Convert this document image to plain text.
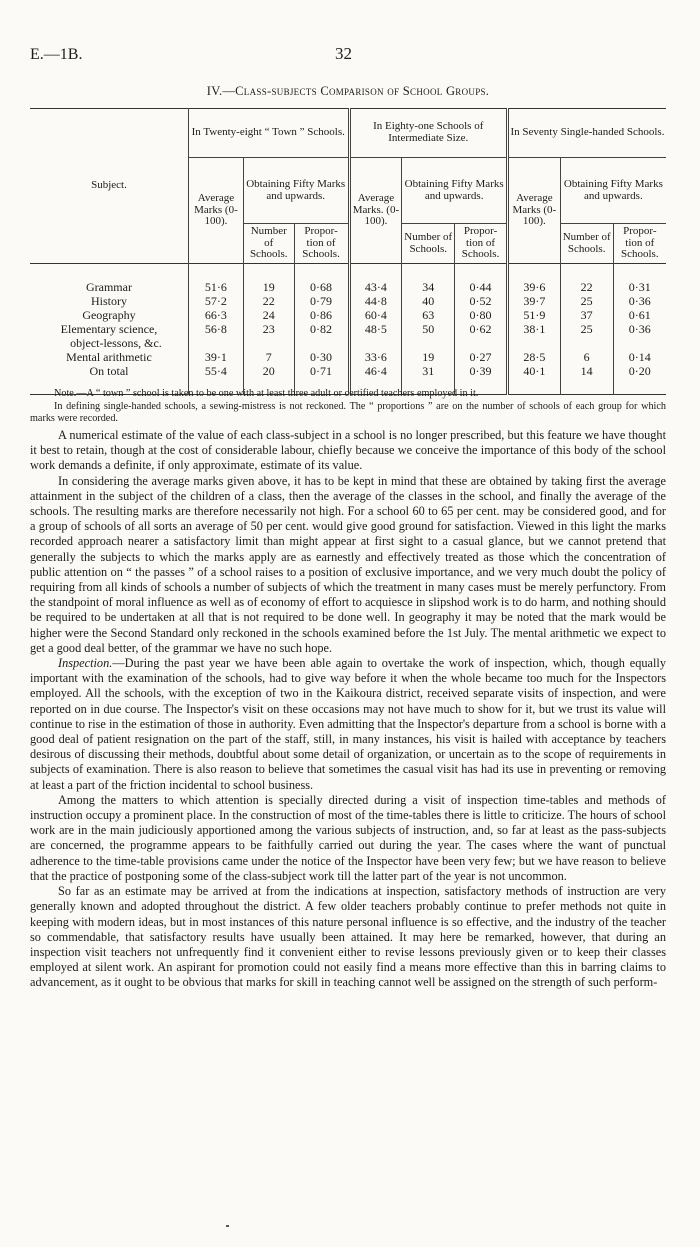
E.—1B.	32
IV.—Class-subjects Comparison of School Groups.
Subject.	In Twenty-eight “ Town ” Schools.			In Eighty-one Schools of Intermediate Size.			In Seventy Single-handed Schools.		
	Average Marks (0-100).	Obtaining Fifty Marks and upwards.		Average Marks. (0-100).	Obtaining Fifty Marks and upwards.		Average Marks (0-100).	Obtaining Fifty Marks and upwards.	
		Number of Schools.	Propor- tion of Schools.		Number of Schools.	Propor- tion of Schools.		Number of Schools.	Propor- tion of Schools.

Grammar	51·6	19	0·68	43·4	34	0·44	39·6	22	0·31
History	57·2	22	0·79	44·8	40	0·52	39·7	25	0·36
Geography	66·3	24	0·86	60·4	63	0·80	51·9	37	0·61

Elementary science,
object-lessons, &c.	56·8	23	0·82	48·5	50	0·62	38·1	25	0·36
Mental arithmetic	39·1	7	0·30	33·6	19	0·27	28·5	6	0·14
On total	55·4	20	0·71	46·4	31	0·39	40·1	14	0·20

Note.—A “ town ” school is taken to be one with at least three adult or certified teachers employed in it.

In defining single-handed schools, a sewing-mistress is not reckoned. The “ proportions ” are on the number of schools of each group for which marks were recorded.

A numerical estimate of the value of each class-subject in a school is no longer prescribed, but this feature we have thought it best to retain, though at the cost of considerable labour, chiefly because we conceive the importance of this body of the school work demands a definite, if only approximate, estimate of its value.

In considering the average marks given above, it has to be kept in mind that these are obtained by taking first the average attainment in the subject of the children of a class, then the average of the classes in the school, and finally the average of the schools. The resulting marks are therefore necessarily not high. For a school 60 to 65 per cent. may be considered good, and for a group of schools of all sorts an average of 50 per cent. would give good ground for satisfaction. Viewed in this light the marks recorded approach nearer a satisfactory limit than might appear at first sight to a casual glance, but we cannot pretend that generally the subjects to which the marks apply are as earnestly and effectively treated as those which the concentration of public attention on “ the passes ” of a school raises to a position of exclusive importance, and we very much doubt the policy of requiring from all kinds of schools a number of subjects of which the treatment in many cases must be merely perfunctory. From the standpoint of moral influence as well as of economy of effort to acquiesce in slipshod work is to do harm, and nothing should be required to be undertaken at all that is not required to be done well. In geography it may be noted that the mark would be higher were the Second Standard only reckoned in the schools examined before the 1st July. The mental arithmetic we expect to get a good deal better, of the grammar we have no such hope.

Inspection.—During the past year we have been able again to overtake the work of inspection, which, though equally important with the examination of the schools, had to give way before it when the whole became too much for the Inspectors employed. All the schools, with the exception of two in the Kaikoura district, received separate visits of inspection, and were reported on in due course. The Inspector's visit on these occasions may not have much to show for it, but we trust its value will continue to rise in the estimation of those in authority. Even admitting that the Inspector's departure from a school is borne with a good deal of patient resignation on the part of the staff, still, in many instances, his visit is hailed with acceptance by teachers desirous of discussing their methods, doubtful about some detail of organization, or uncertain as to the scope of requirements in subjects of examination. There is also reason to believe that sometimes the casual visit has had its use in preventing or removing at least a part of the friction incidental to school business.

Among the matters to which attention is specially directed during a visit of inspection time-tables and methods of instruction occupy a prominent place. In the construction of most of the time-tables there is little to criticize. The hours of school work are in the main judiciously apportioned among the various subjects of instruction, and, so far at least as the pass-subjects are concerned, the programme appears to be faithfully carried out during the year. The cases where the want of punctual adherence to the time-table provisions came under the notice of the Inspector have been very few; but we have reason to believe that the practice of postponing some of the class-subject work till the latter part of the year is not uncommon.

So far as an estimate may be arrived at from the indications at inspection, satisfactory methods of instruction are very generally known and adopted throughout the district. A few older teachers probably continue to prefer methods not quite in keeping with modern ideas, but in most instances of this nature personal influence is so effective, and the industry of the teacher so commendable, that satisfactory results have usually been attained. It may here be remarked, however, that during an inspection visit teachers not unfrequently find it convenient either to revise lessons previously given or to keep their classes employed at silent work. An aspirant for promotion could not easily find a means more effective than this in barring claims to advancement, as it ought to be obvious that marks for skill in teaching cannot well be assigned on the strength of such perform-
